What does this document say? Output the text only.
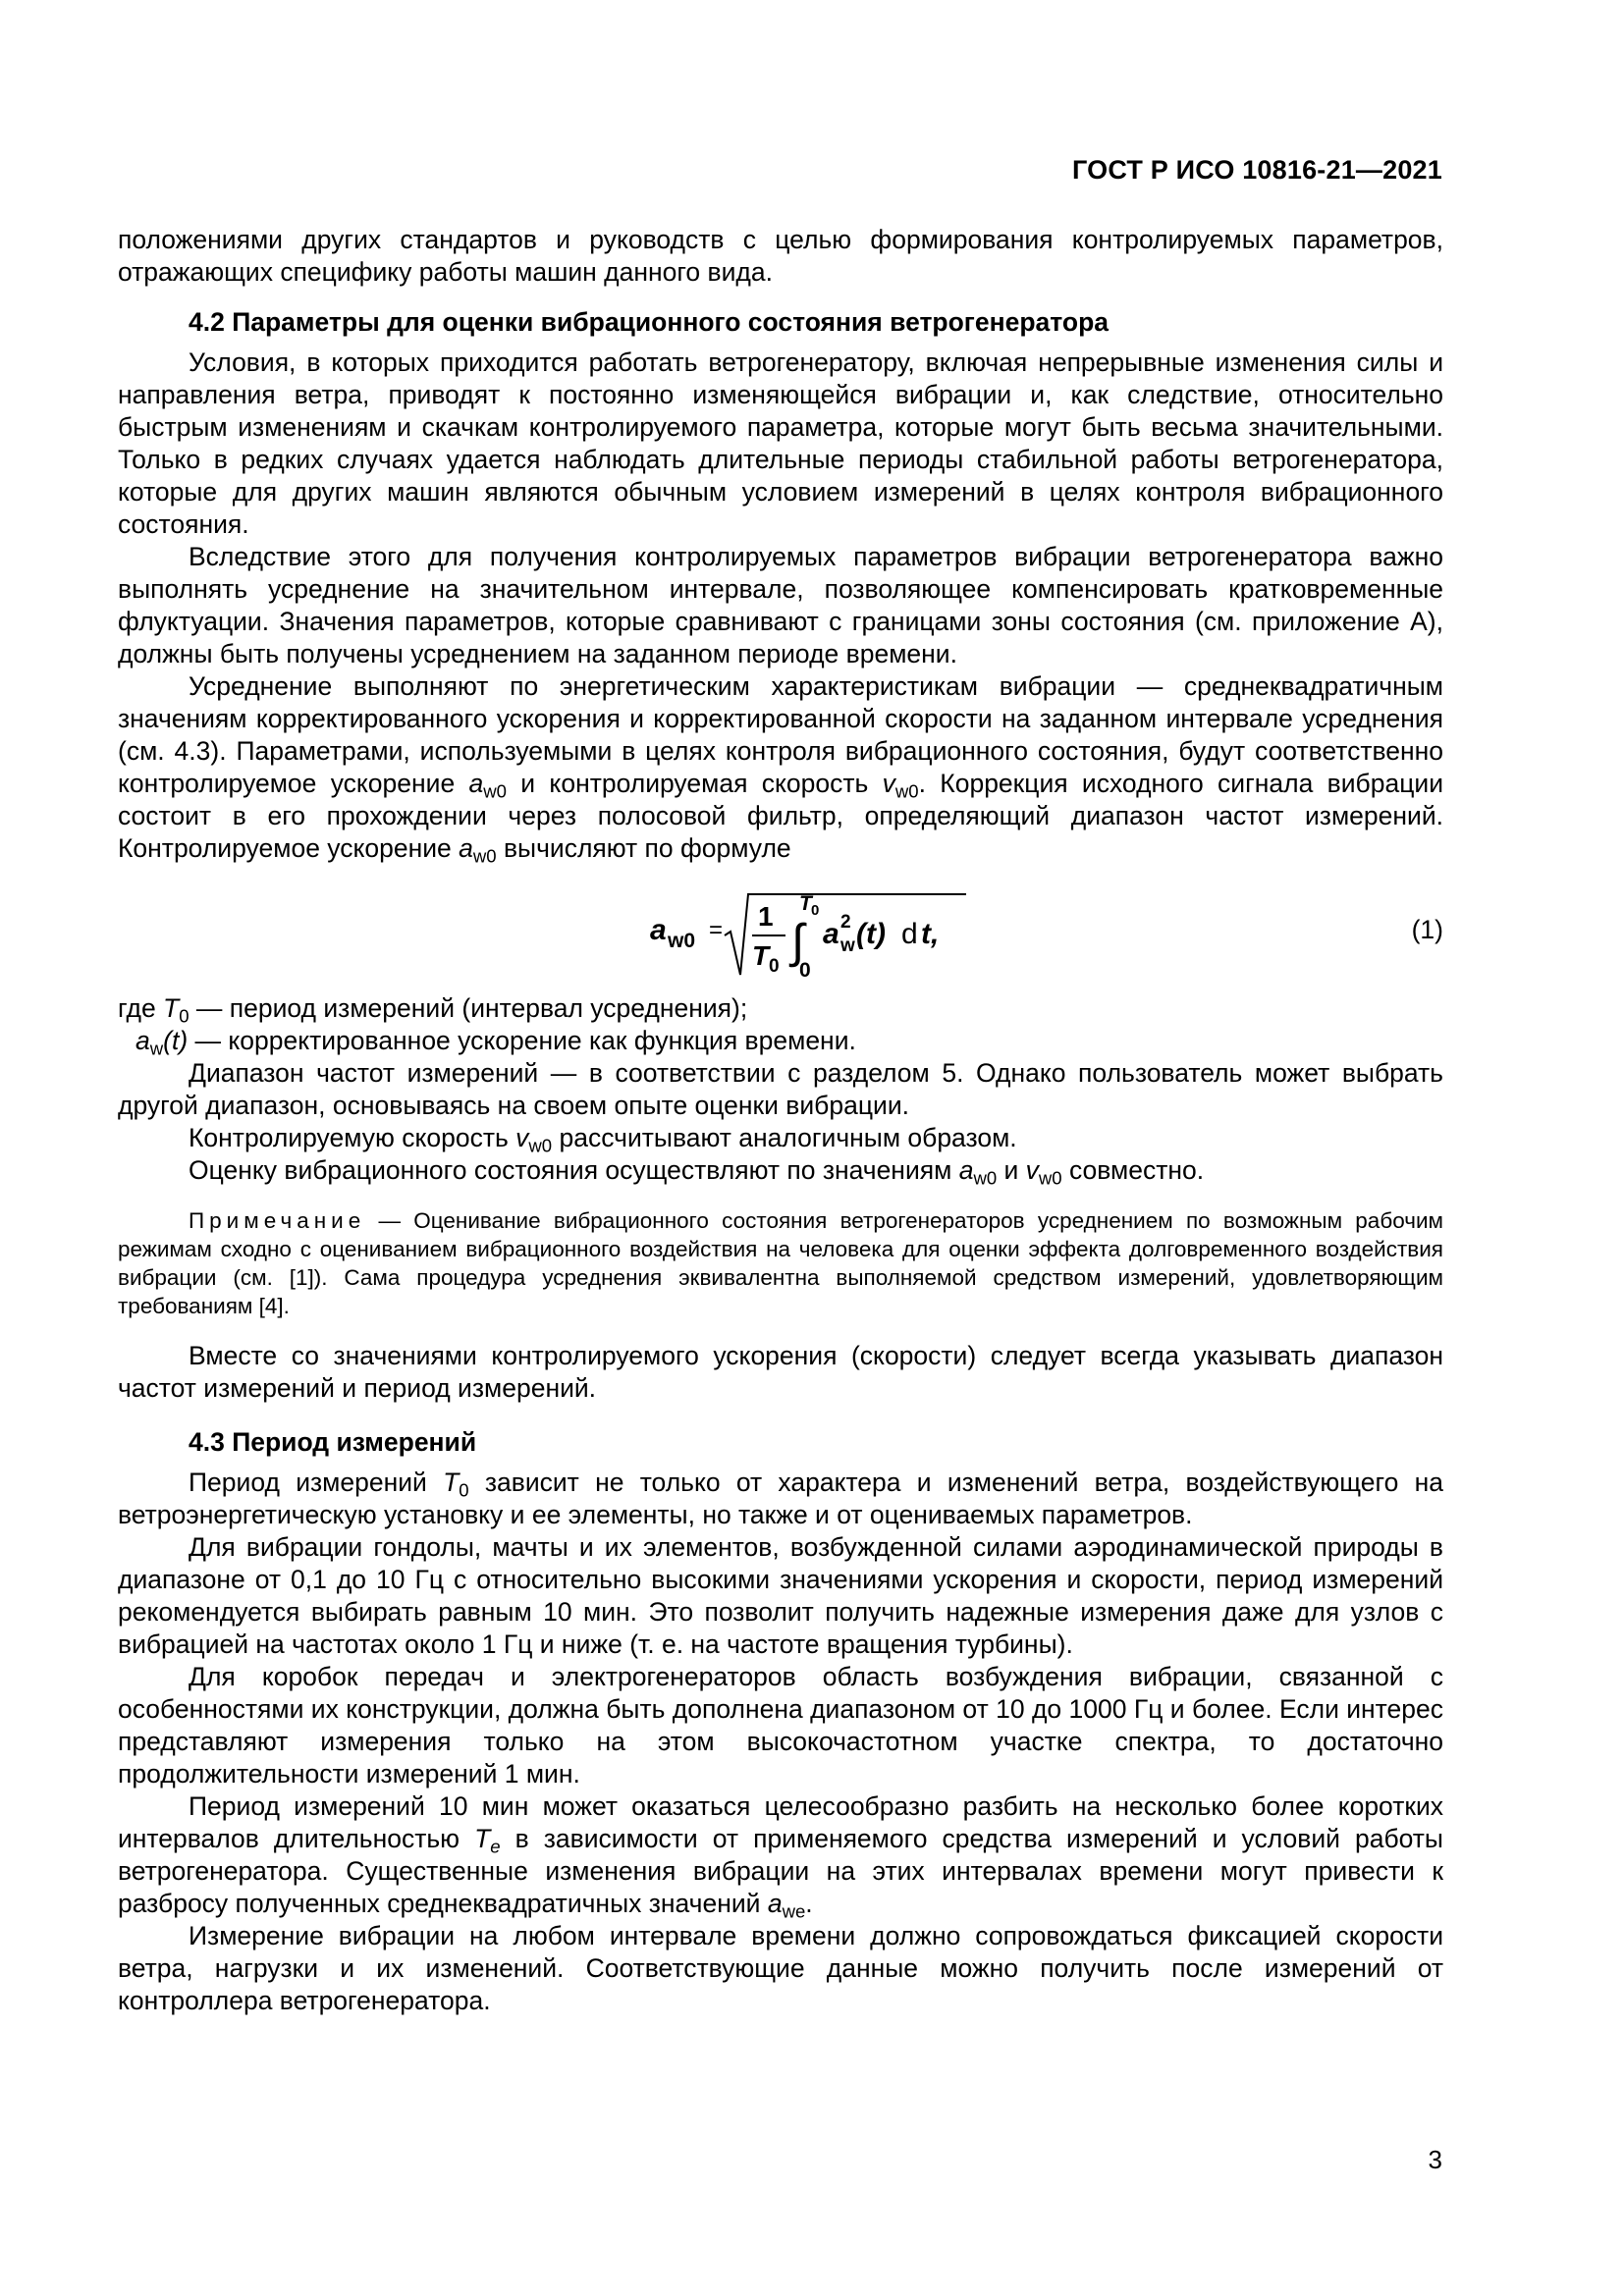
ГОСТ Р ИСО 10816-21—2021

положениями других стандартов и руководств с целью формирования контролируемых параметров, отражающих специфику работы машин данного вида.

4.2 Параметры для оценки вибрационного состояния ветрогенератора

Условия, в которых приходится работать ветрогенератору, включая непрерывные изменения силы и направления ветра, приводят к постоянно изменяющейся вибрации и, как следствие, относительно быстрым изменениям и скачкам контролируемого параметра, которые могут быть весьма значительными. Только в редких случаях удается наблюдать длительные периоды стабильной работы ветрогенератора, которые для других машин являются обычным условием измерений в целях контроля вибрационного состояния.

Вследствие этого для получения контролируемых параметров вибрации ветрогенератора важно выполнять усреднение на значительном интервале, позволяющее компенсировать кратковременные флуктуации. Значения параметров, которые сравнивают с границами зоны состояния (см. приложение А), должны быть получены усреднением на заданном периоде времени.

Усреднение выполняют по энергетическим характеристикам вибрации — среднеквадратичным значениям корректированного ускорения и корректированной скорости на заданном интервале усреднения (см. 4.3). Параметрами, используемыми в целях контроля вибрационного состояния, будут соответственно контролируемое ускорение $a_{w0}$ и контролируемая скорость $v_{w0}$. Коррекция исходного сигнала вибрации состоит в его прохождении через полосовой фильтр, определяющий диапазон частот измерений. Контролируемое ускорение $a_{w0}$ вычисляют по формуле

a w0 = 1
T 0 ∫
T 0
0
a 2
w (t) d t,	(1)

где $T_0$ — период измерений (интервал усреднения);

$a_w(t)$ — корректированное ускорение как функция времени.

Диапазон частот измерений — в соответствии с разделом 5. Однако пользователь может выбрать другой диапазон, основываясь на своем опыте оценки вибрации.

Контролируемую скорость $v_{w0}$ рассчитывают аналогичным образом.

Оценку вибрационного состояния осуществляют по значениям $a_{w0}$ и $v_{w0}$ совместно.

Примечание — Оценивание вибрационного состояния ветрогенераторов усреднением по возможным рабочим режимам сходно с оцениванием вибрационного воздействия на человека для оценки эффекта долговременного воздействия вибрации (см. [1]). Сама процедура усреднения эквивалентна выполняемой средством измерений, удовлетворяющим требованиям [4].

Вместе со значениями контролируемого ускорения (скорости) следует всегда указывать диапазон частот измерений и период измерений.

4.3 Период измерений

Период измерений $T_0$ зависит не только от характера и изменений ветра, воздействующего на ветроэнергетическую установку и ее элементы, но также и от оцениваемых параметров.

Для вибрации гондолы, мачты и их элементов, возбужденной силами аэродинамической природы в диапазоне от 0,1 до 10 Гц с относительно высокими значениями ускорения и скорости, период измерений рекомендуется выбирать равным 10 мин. Это позволит получить надежные измерения даже для узлов с вибрацией на частотах около 1 Гц и ниже (т. е. на частоте вращения турбины).

Для коробок передач и электрогенераторов область возбуждения вибрации, связанной с особенностями их конструкции, должна быть дополнена диапазоном от 10 до 1000 Гц и более. Если интерес представляют измерения только на этом высокочастотном участке спектра, то достаточно продолжительности измерений 1 мин.

Период измерений 10 мин может оказаться целесообразно разбить на несколько более коротких интервалов длительностью $T_e$ в зависимости от применяемого средства измерений и условий работы ветрогенератора. Существенные изменения вибрации на этих интервалах времени могут привести к разбросу полученных среднеквадратичных значений $a_{we}$.

Измерение вибрации на любом интервале времени должно сопровождаться фиксацией скорости ветра, нагрузки и их изменений. Соответствующие данные можно получить после измерений от контроллера ветрогенератора.

3
